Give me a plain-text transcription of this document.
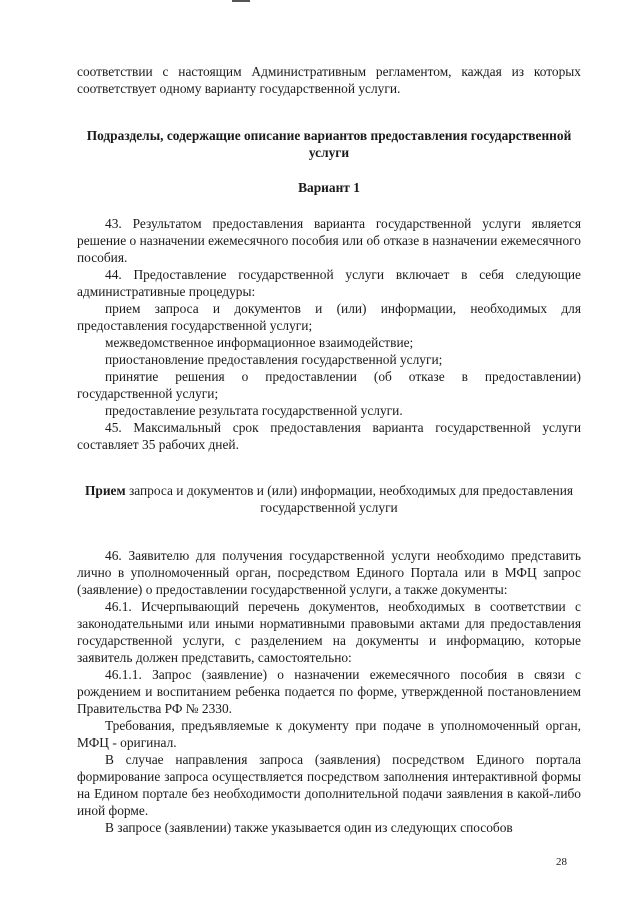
соответствии с настоящим Административным регламентом, каждая из которых соответствует одному варианту государственной услуги.

Подразделы, содержащие описание вариантов предоставления государственной услуги

Вариант 1

43. Результатом предоставления варианта государственной услуги является решение о назначении ежемесячного пособия или об отказе в назначении ежемесячного пособия.

44. Предоставление государственной услуги включает в себя следующие административные процедуры:

прием запроса и документов и (или) информации, необходимых для предоставления государственной услуги;

межведомственное информационное взаимодействие;

приостановление предоставления государственной услуги;

принятие решения о предоставлении (об отказе в предоставлении) государственной услуги;

предоставление результата государственной услуги.

45. Максимальный срок предоставления варианта государственной услуги составляет 35 рабочих дней.

Прием запроса и документов и (или) информации, необходимых для предоставления государственной услуги

46. Заявителю для получения государственной услуги необходимо представить лично в уполномоченный орган, посредством Единого Портала или в МФЦ запрос (заявление) о предоставлении государственной услуги, а также документы:

46.1. Исчерпывающий перечень документов, необходимых в соответствии с законодательными или иными нормативными правовыми актами для предоставления государственной услуги, с разделением на документы и информацию, которые заявитель должен представить, самостоятельно:

46.1.1. Запрос (заявление) о назначении ежемесячного пособия в связи с рождением и воспитанием ребенка подается по форме, утвержденной постановлением Правительства РФ № 2330.

Требования, предъявляемые к документу при подаче в уполномоченный орган, МФЦ - оригинал.

В случае направления запроса (заявления) посредством Единого портала формирование запроса осуществляется посредством заполнения интерактивной формы на Едином портале без необходимости дополнительной подачи заявления в какой-либо иной форме.

В запросе (заявлении) также указывается один из следующих способов

28
